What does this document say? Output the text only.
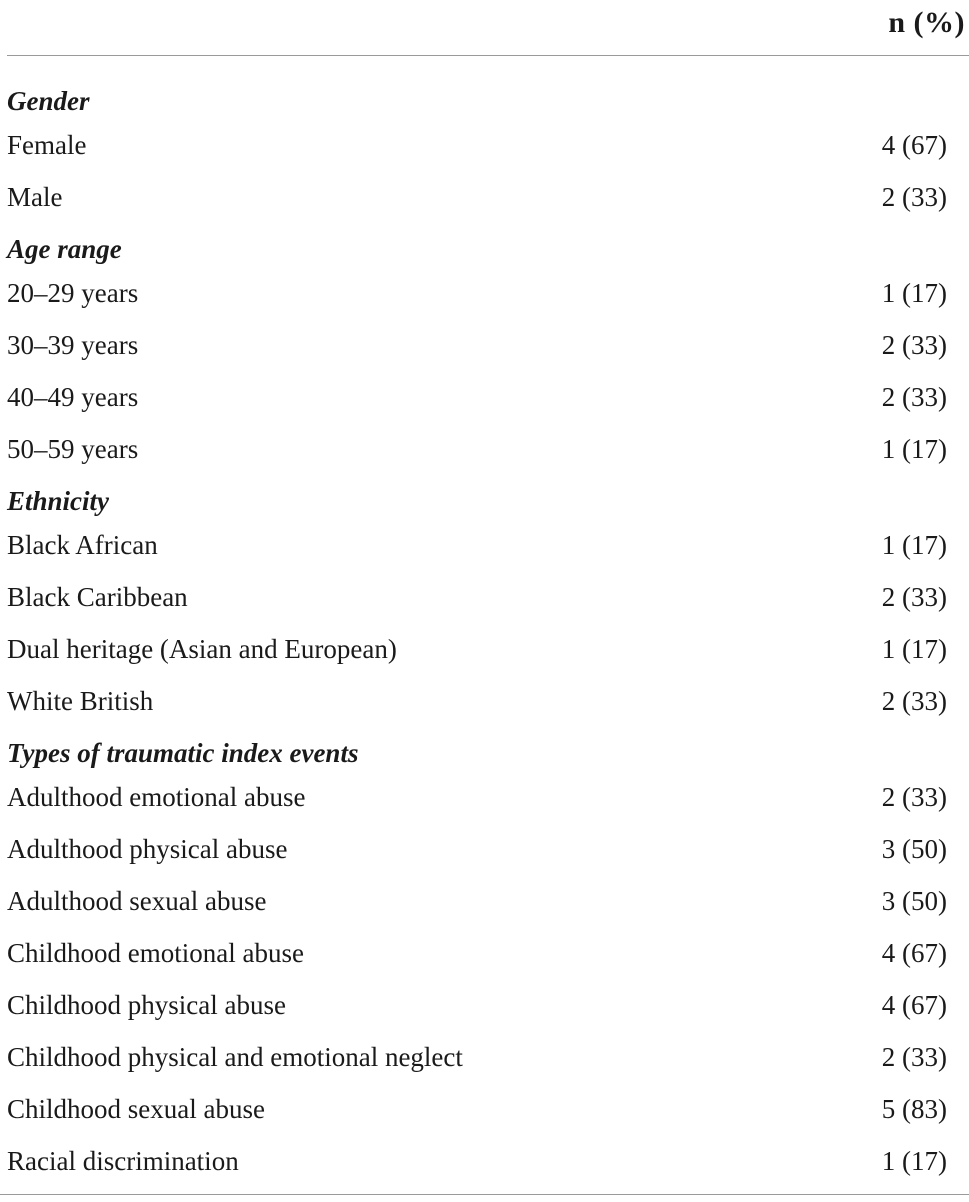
n (%)
Gender
Female	4 (67)
Male	2 (33)
Age range
20–29 years	1 (17)
30–39 years	2 (33)
40–49 years	2 (33)
50–59 years	1 (17)
Ethnicity
Black African	1 (17)
Black Caribbean	2 (33)
Dual heritage (Asian and European)	1 (17)
White British	2 (33)
Types of traumatic index events
Adulthood emotional abuse	2 (33)
Adulthood physical abuse	3 (50)
Adulthood sexual abuse	3 (50)
Childhood emotional abuse	4 (67)
Childhood physical abuse	4 (67)
Childhood physical and emotional neglect	2 (33)
Childhood sexual abuse	5 (83)
Racial discrimination	1 (17)
